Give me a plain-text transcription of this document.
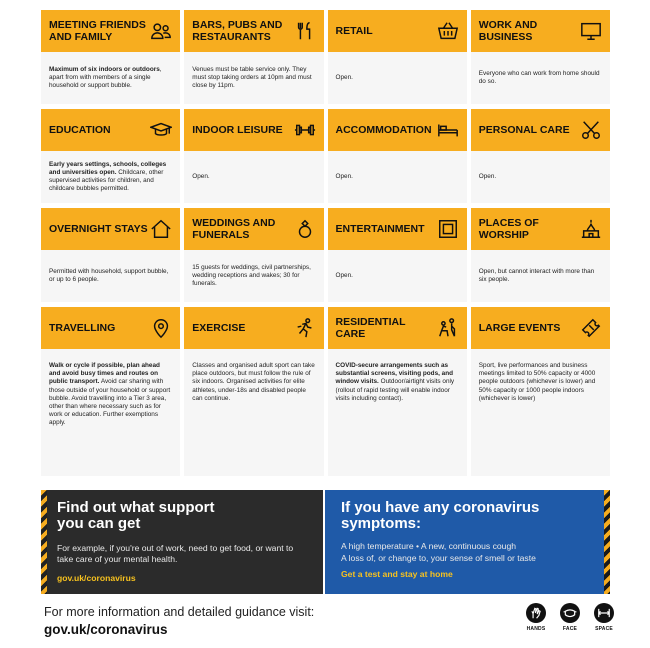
MEETING FRIENDS AND FAMILY

Maximum of six indoors or outdoors, apart from with members of a single household or support bubble.

BARS, PUBS AND RESTAURANTS

Venues must be table service only. They must stop taking orders at 10pm and must close by 11pm.

RETAIL

Open.

WORK AND BUSINESS

Everyone who can work from home should do so.

EDUCATION

Early years settings, schools, colleges and universities open. Childcare, other supervised activities for children, and childcare bubbles permitted.

INDOOR LEISURE

Open.

ACCOMMODATION

Open.

PERSONAL CARE

Open.

OVERNIGHT STAYS

Permitted with household, support bubble, or up to 6 people.

WEDDINGS AND FUNERALS

15 guests for weddings, civil partnerships, wedding receptions and wakes; 30 for funerals.

ENTERTAINMENT

Open.

PLACES OF WORSHIP

Open, but cannot interact with more than six people.

TRAVELLING

Walk or cycle if possible, plan ahead and avoid busy times and routes on public transport. Avoid car sharing with those outside of your household or support bubble. Avoid travelling into a Tier 3 area, other than where necessary such as for work or education. Further exemptions apply.

EXERCISE

Classes and organised adult sport can take place outdoors, but must follow the rule of six indoors. Organised activities for elite athletes, under-18s and disabled people can continue.

RESIDENTIAL CARE

COVID-secure arrangements such as substantial screens, visiting pods, and window visits. Outdoor/airtight visits only (rollout of rapid testing will enable indoor visits including contact).

LARGE EVENTS

Sport, live performances and business meetings limited to 50% capacity or 4000 people outdoors (whichever is lower) and 50% capacity or 1000 people indoors (whichever is lower)

Find out what support you can get
For example, if you're out of work, need to get food, or want to take care of your mental health.
gov.uk/coronavirus
If you have any coronavirus symptoms:
A high temperature • A new, continuous cough
A loss of, or change to, your sense of smell or taste
Get a test and stay at home
For more information and detailed guidance visit:
gov.uk/coronavirus	HANDS	FACE	SPACE
